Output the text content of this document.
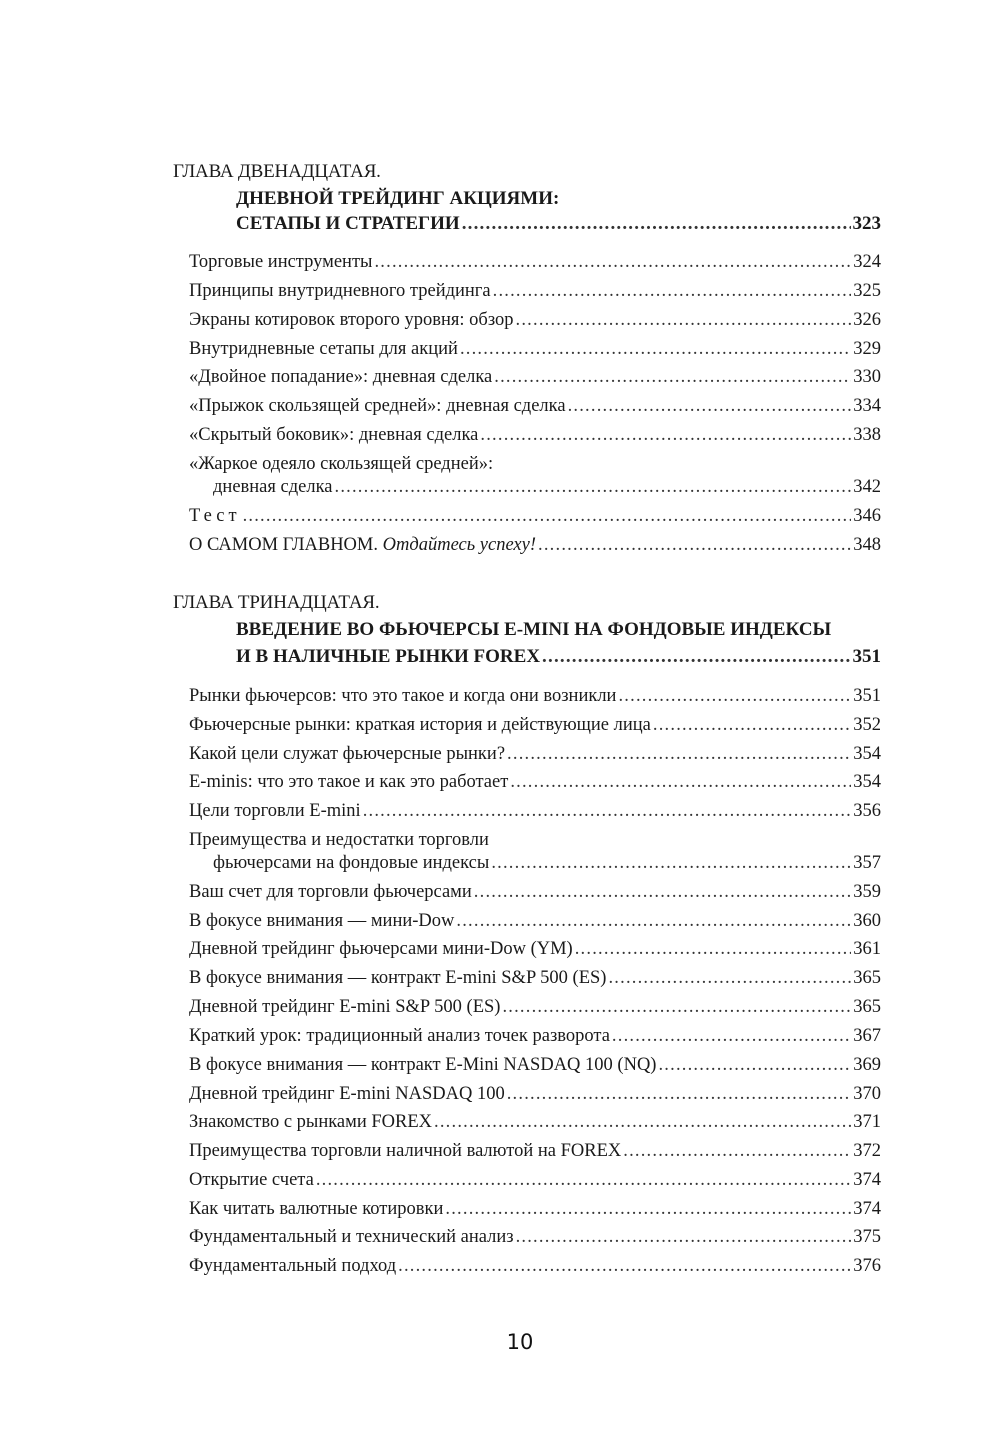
ГЛАВА ДВЕНАДЦАТАЯ.
ДНЕВНОЙ ТРЕЙДИНГ АКЦИЯМИ:
СЕТАПЫ И СТРАТЕГИИ .....	323
Торговые инструменты .....	324
Принципы внутридневного трейдинга .....	325
Экраны котировок второго уровня: обзор .....	326
Внутридневные сетапы для акций .....	329
«Двойное попадание»: дневная сделка .....	330
«Прыжок скользящей средней»: дневная сделка .....	334
«Скрытый боковик»: дневная сделка .....	338
«Жаркое одеяло скользящей средней»:
дневная сделка .....	342
Тест .....	346
О САМОМ ГЛАВНОМ.
Отдайтесь успеху! .....	348
ГЛАВА ТРИНАДЦАТАЯ.
ВВЕДЕНИЕ ВО ФЬЮЧЕРСЫ E-MINI НА ФОНДОВЫЕ ИНДЕКСЫ
И В НАЛИЧНЫЕ РЫНКИ FOREX .....	351
Рынки фьючерсов: что это такое и когда они возникли .....	351
Фьючерсные рынки: краткая история и действующие лица .....	352
Какой цели служат фьючерсные рынки? .....	354
E-minis: что это такое и как это работает .....	354
Цели торговли E-mini .....	356
Преимущества и недостатки торговли
фьючерсами на фондовые индексы .....	357
Ваш счет для торговли фьючерсами .....	359
В фокусе внимания — мини-Dow .....	360
Дневной трейдинг фьючерсами мини-Dow (YM) .....	361
В фокусе внимания — контракт E-mini S&P 500 (ES) .....	365
Дневной трейдинг E-mini S&P 500 (ES) .....	365
Краткий урок: традиционный анализ точек разворота .....	367
В фокусе внимания — контракт E-Mini NASDAQ 100 (NQ) .....	369
Дневной трейдинг E-mini NASDAQ 100 .....	370
Знакомство с рынками FOREX .....	371
Преимущества торговли наличной валютой на FOREX .....	372
Открытие счета .....	374
Как читать валютные котировки .....	374
Фундаментальный и технический анализ .....	375
Фундаментальный подход .....	376
10
